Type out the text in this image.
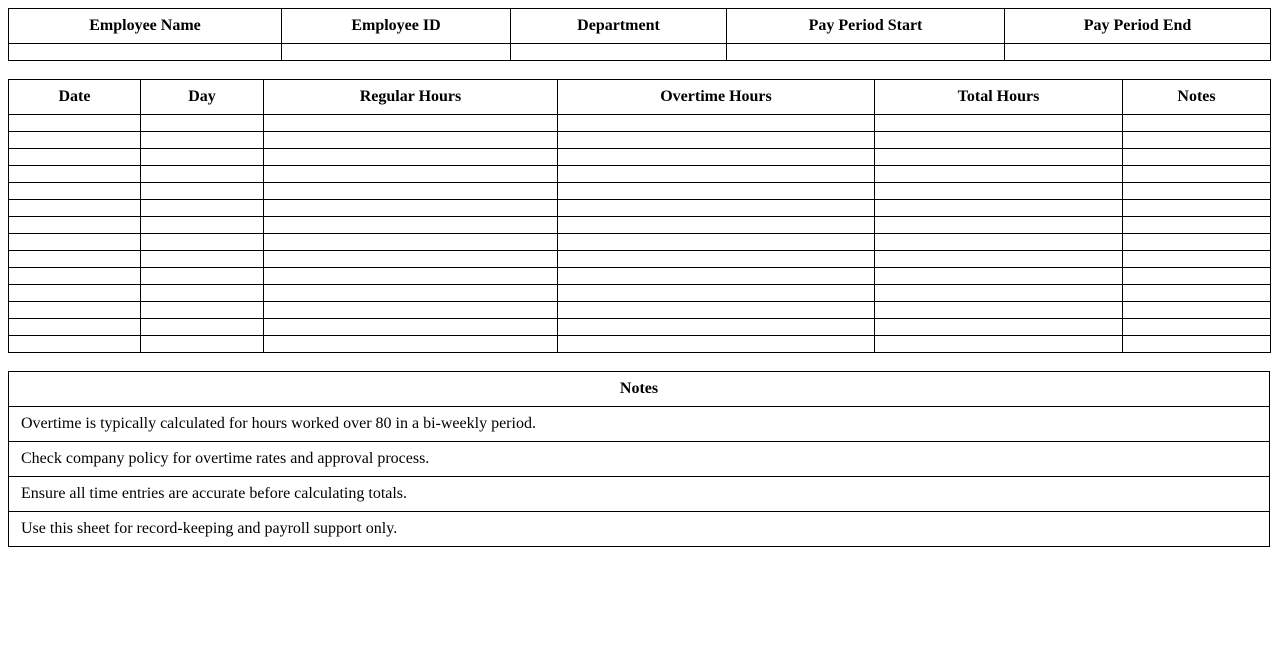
Employee Name	Employee ID	Department	Pay Period Start	Pay Period End

Date	Day	Regular Hours	Overtime Hours	Total Hours	Notes

Notes
Overtime is typically calculated for hours worked over 80 in a bi-weekly period.
Check company policy for overtime rates and approval process.
Ensure all time entries are accurate before calculating totals.
Use this sheet for record-keeping and payroll support only.
